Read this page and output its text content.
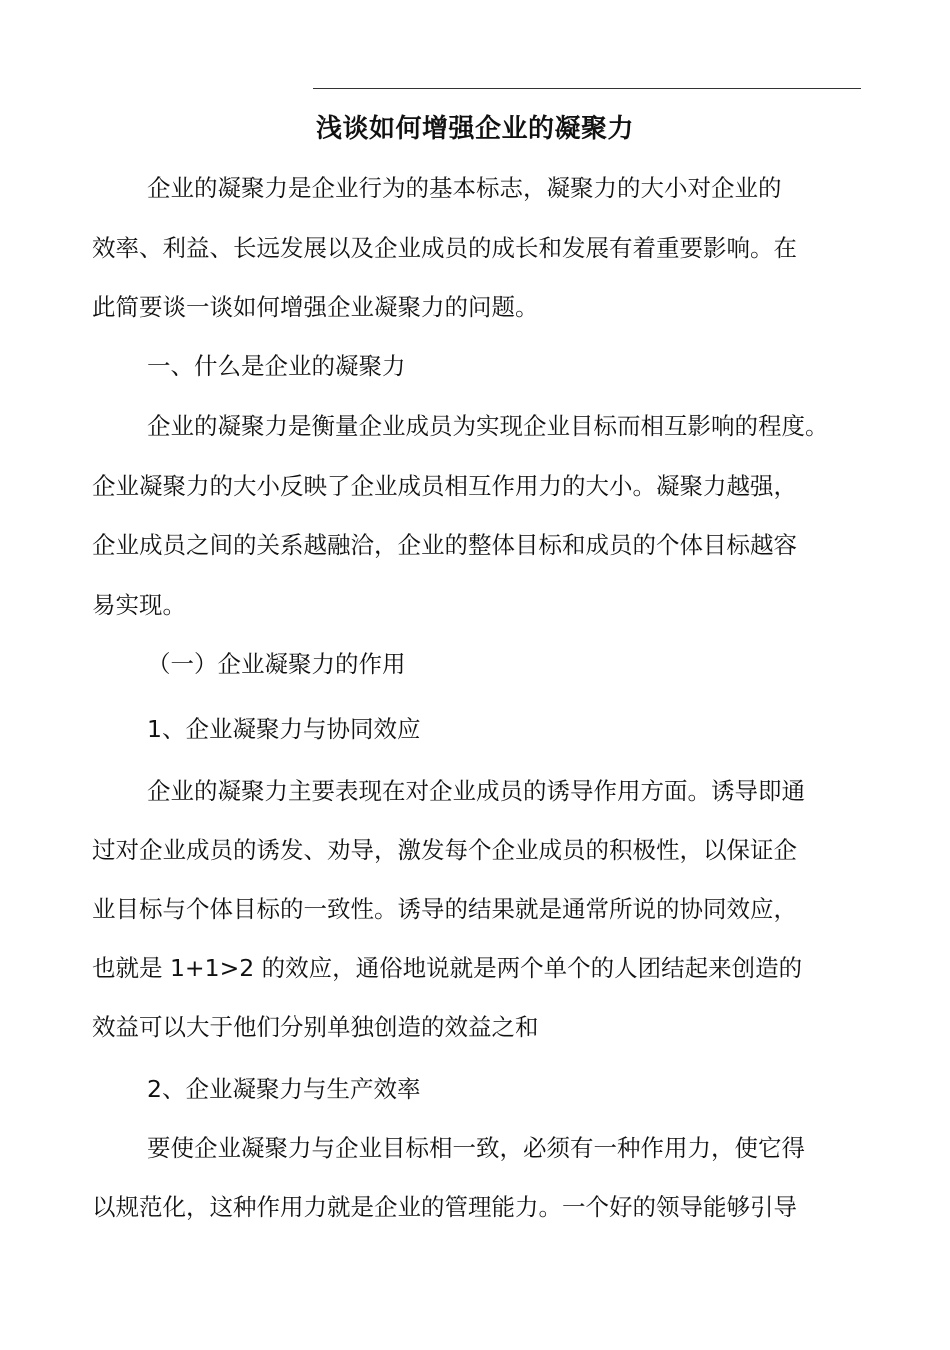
浅谈如何增强企业的凝聚力
企业的凝聚力是企业行为的基本标志，凝聚力的大小对企业的
效率、利益、长远发展以及企业成员的成长和发展有着重要影响。在
此简要谈一谈如何增强企业凝聚力的问题。
一、什么是企业的凝聚力
企业的凝聚力是衡量企业成员为实现企业目标而相互影响的程度。
企业凝聚力的大小反映了企业成员相互作用力的大小。凝聚力越强，
企业成员之间的关系越融洽，企业的整体目标和成员的个体目标越容
易实现。
（一）企业凝聚力的作用
1、企业凝聚力与协同效应
企业的凝聚力主要表现在对企业成员的诱导作用方面。诱导即通
过对企业成员的诱发、劝导，激发每个企业成员的积极性，以保证企
业目标与个体目标的一致性。诱导的结果就是通常所说的协同效应，
也就是 1+1>2 的效应，通俗地说就是两个单个的人团结起来创造的
效益可以大于他们分别单独创造的效益之和
2、企业凝聚力与生产效率
要使企业凝聚力与企业目标相一致，必须有一种作用力，使它得
以规范化，这种作用力就是企业的管理能力。一个好的领导能够引导
